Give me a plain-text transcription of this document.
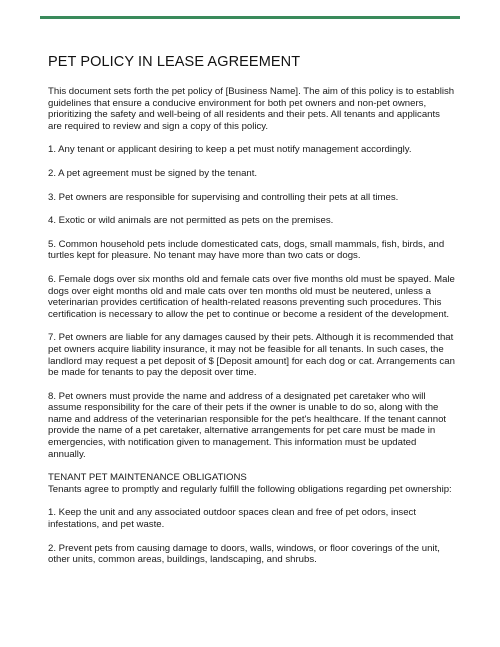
PET POLICY IN LEASE AGREEMENT

This document sets forth the pet policy of [Business Name]. The aim of this policy is to establish guidelines that ensure a conducive environment for both pet owners and non-pet owners, prioritizing the safety and well-being of all residents and their pets. All tenants and applicants are required to review and sign a copy of this policy.

1. Any tenant or applicant desiring to keep a pet must notify management accordingly.

2. A pet agreement must be signed by the tenant.

3. Pet owners are responsible for supervising and controlling their pets at all times.

4. Exotic or wild animals are not permitted as pets on the premises.

5. Common household pets include domesticated cats, dogs, small mammals, fish, birds, and turtles kept for pleasure. No tenant may have more than two cats or dogs.

6. Female dogs over six months old and female cats over five months old must be spayed. Male dogs over eight months old and male cats over ten months old must be neutered, unless a veterinarian provides certification of health-related reasons preventing such procedures. This certification is necessary to allow the pet to continue or become a resident of the development.

7. Pet owners are liable for any damages caused by their pets. Although it is recommended that pet owners acquire liability insurance, it may not be feasible for all tenants. In such cases, the landlord may request a pet deposit of $ [Deposit amount] for each dog or cat. Arrangements can be made for tenants to pay the deposit over time.

8. Pet owners must provide the name and address of a designated pet caretaker who will assume responsibility for the care of their pets if the owner is unable to do so, along with the name and address of the veterinarian responsible for the pet's healthcare. If the tenant cannot provide the name of a pet caretaker, alternative arrangements for pet care must be made in emergencies, with notification given to management. This information must be updated annually.

TENANT PET MAINTENANCE OBLIGATIONS

Tenants agree to promptly and regularly fulfill the following obligations regarding pet ownership:

1. Keep the unit and any associated outdoor spaces clean and free of pet odors, insect infestations, and pet waste.

2. Prevent pets from causing damage to doors, walls, windows, or floor coverings of the unit, other units, common areas, buildings, landscaping, and shrubs.
